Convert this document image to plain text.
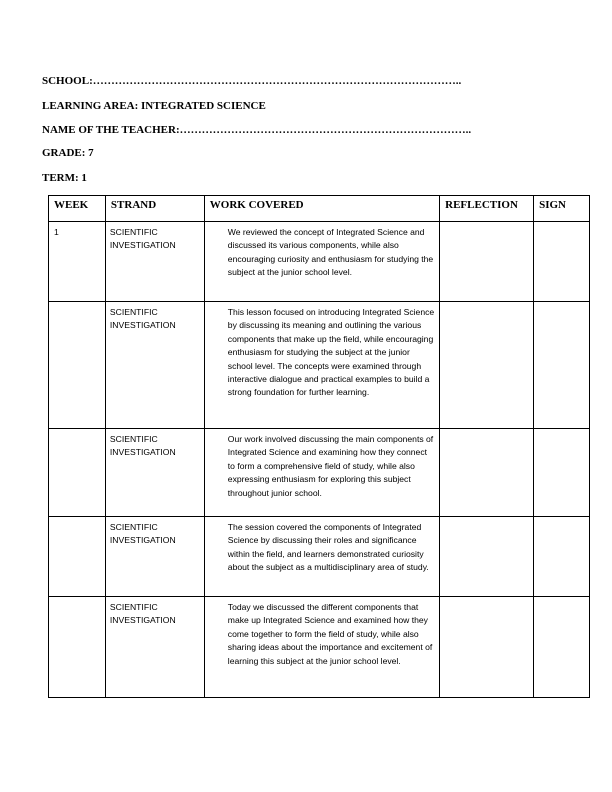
SCHOOL:………………………………………………………………………………………..
LEARNING AREA: INTEGRATED SCIENCE
NAME OF THE TEACHER:……………………………………………………………………..
GRADE: 7
TERM: 1
WEEK	STRAND	WORK COVERED	REFLECTION	SIGN
1	SCIENTIFIC
INVESTIGATION	We reviewed the concept of Integrated Science and discussed its various components, while also encouraging curiosity and enthusiasm for studying the subject at the junior school level.		
	SCIENTIFIC
INVESTIGATION	This lesson focused on introducing Integrated Science by discussing its meaning and outlining the various components that make up the field, while encouraging enthusiasm for studying the subject at the junior school level. The concepts were examined through interactive dialogue and practical examples to build a strong foundation for further learning.		
	SCIENTIFIC
INVESTIGATION	Our work involved discussing the main components of Integrated Science and examining how they connect to form a comprehensive field of study, while also expressing enthusiasm for exploring this subject throughout junior school.		
	SCIENTIFIC
INVESTIGATION	The session covered the components of Integrated Science by discussing their roles and significance within the field, and learners demonstrated curiosity about the subject as a multidisciplinary area of study.		
	SCIENTIFIC
INVESTIGATION	Today we discussed the different components that make up Integrated Science and examined how they come together to form the field of study, while also sharing ideas about the importance and excitement of learning this subject at the junior school level.		
